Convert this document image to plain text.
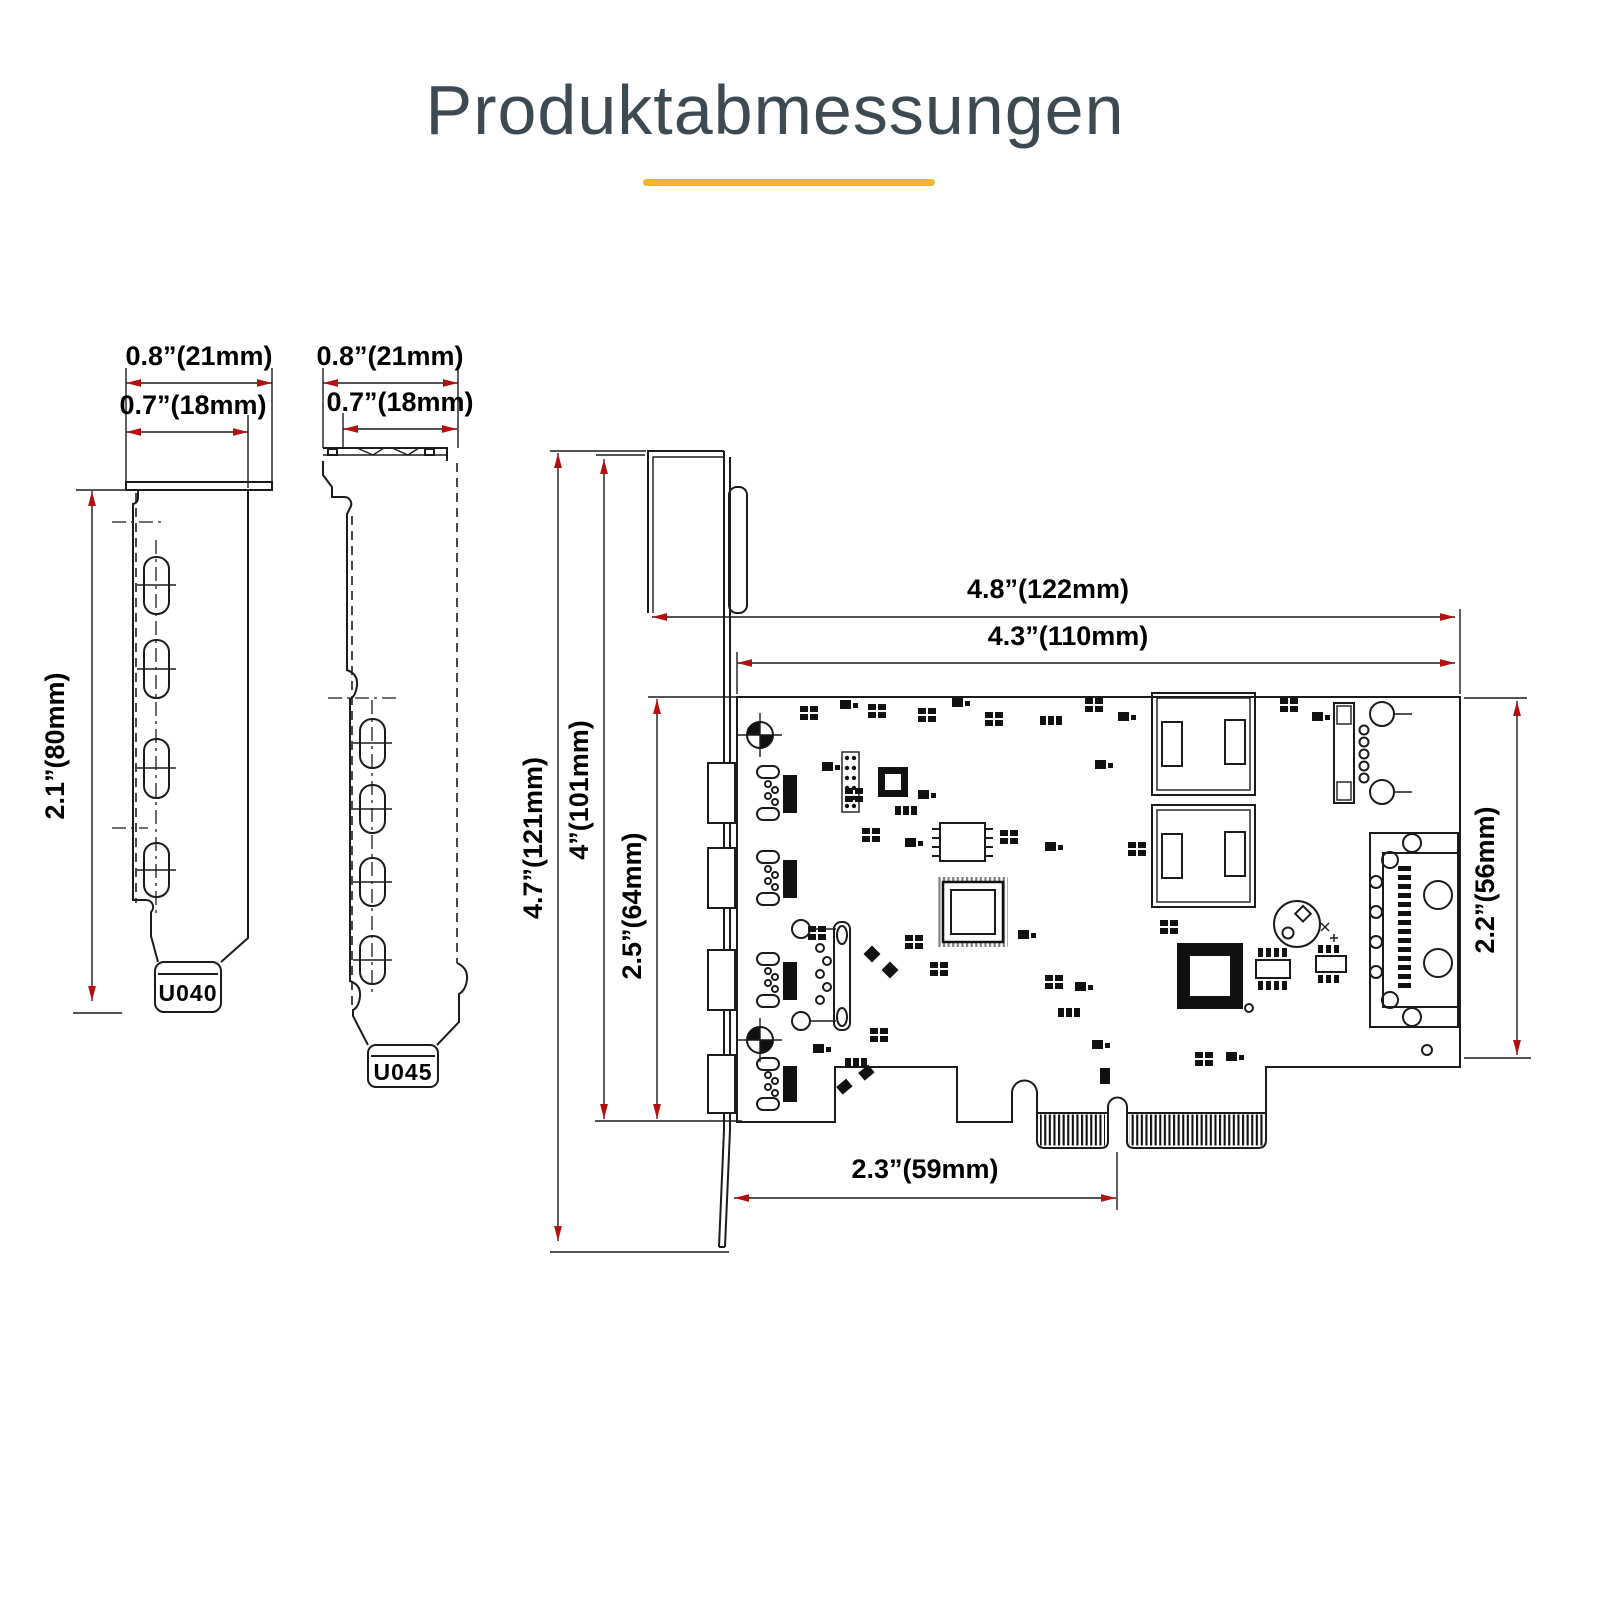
Produktabmessungen
0.8”(21mm)
0.7”(18mm)
2.1”(80mm)
U040
0.8”(21mm)
0.7”(18mm)
U045
4.8”(122mm)
4.3”(110mm)
4.7”(121mm) 4”(101mm)
2.5”(64mm)	2.2”(56mm)
2.3”(59mm)
